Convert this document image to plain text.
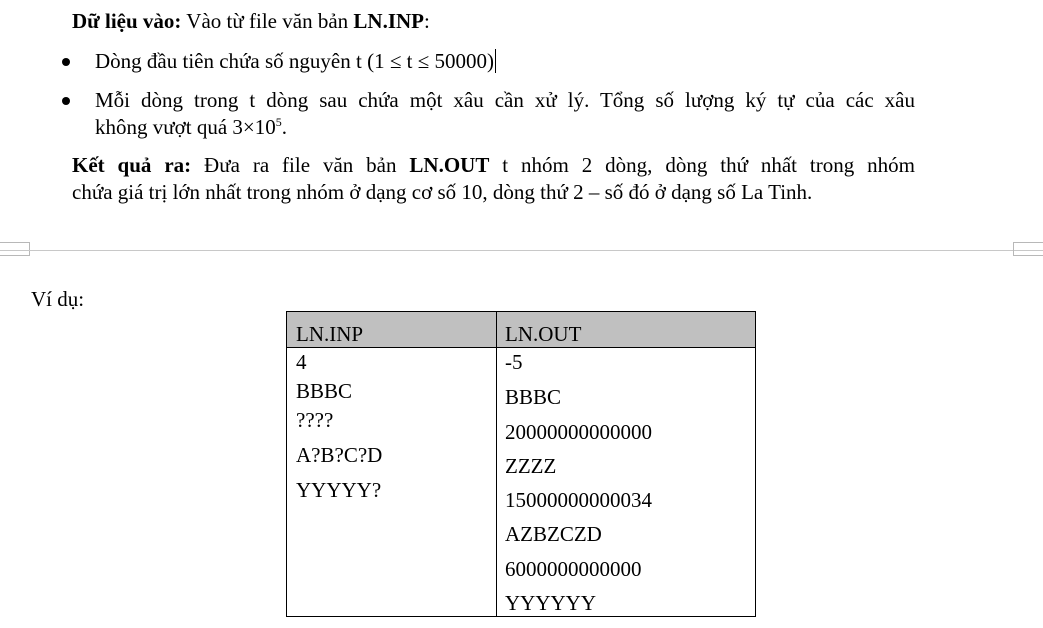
Dữ liệu vào: Vào từ file văn bản LN.INP:
Dòng đầu tiên chứa số nguyên t (1 ≤ t ≤ 50000)
Mỗi dòng trong t dòng sau chứa một xâu cần xử lý. Tổng số lượng ký tự của các xâu
không vượt quá $3\times 10^5$.
Kết quả ra: Đưa ra file văn bản LN.OUT t nhóm 2 dòng, dòng thứ nhất trong nhóm
chứa giá trị lớn nhất trong nhóm ở dạng cơ số 10, dòng thứ 2 – số đó ở dạng số La Tinh.
Ví dụ:
LN.INP	LN.OUT
4
BBBC
????
A?B?C?D
YYYYY?
-5
BBBC
20000000000000
ZZZZ
15000000000034
AZBZCZD
6000000000000
YYYYYY
